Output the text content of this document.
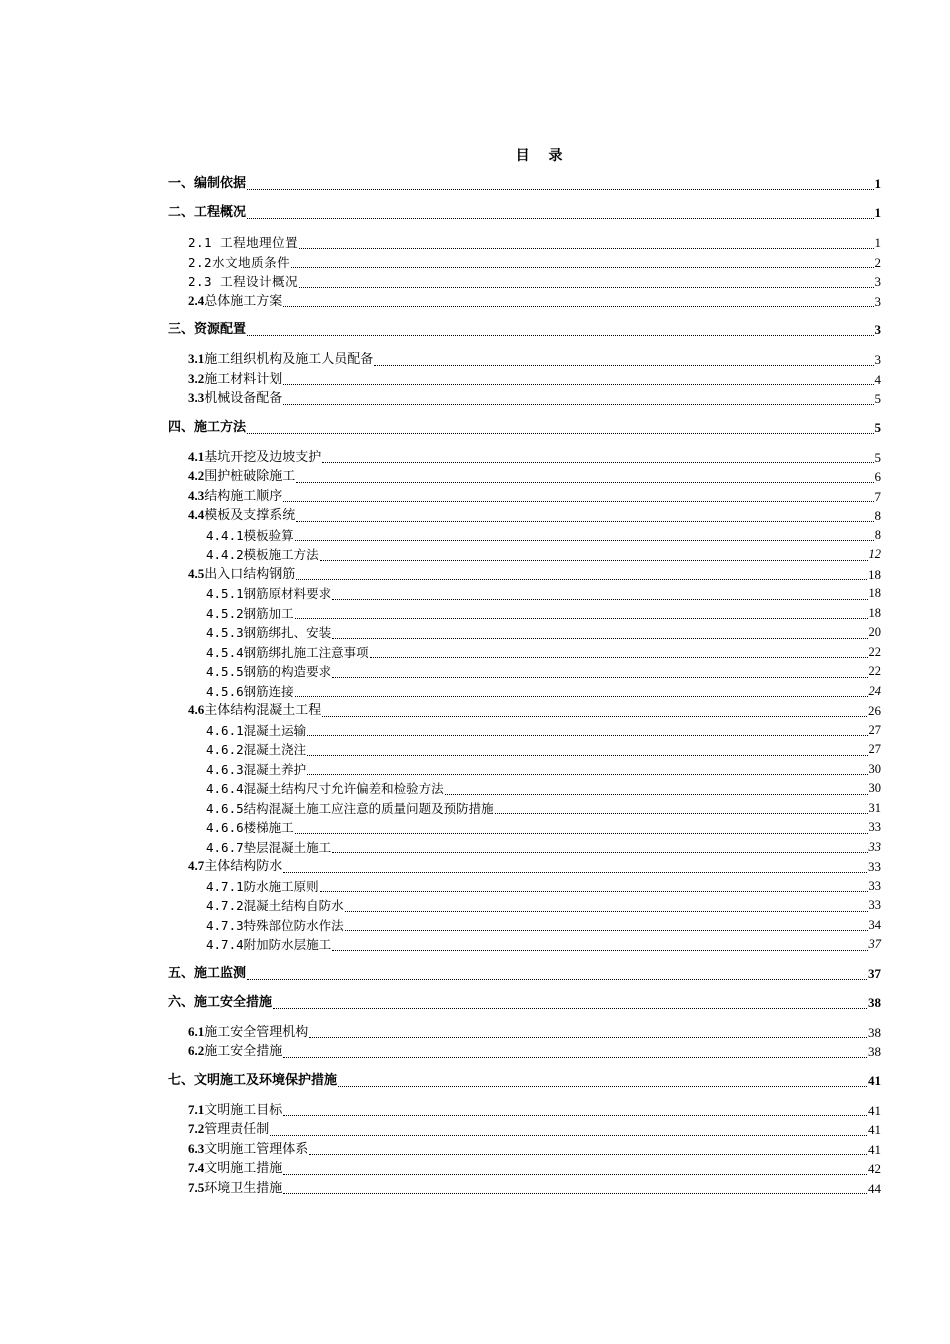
目 录
一、编制依据	1
二、工程概况	1
2.1 工程地理位置	1
2.2水文地质条件	2
2.3 工程设计概况	3
2.4总体施工方案	3
三、资源配置	3
3.1施工组织机构及施工人员配备	3
3.2施工材料计划	4
3.3机械设备配备	5
四、施工方法	5
4.1基坑开挖及边坡支护	5
4.2围护桩破除施工	6
4.3结构施工顺序	7
4.4模板及支撑系统	8
4.4.1模板验算	8
4.4.2模板施工方法	12
4.5出入口结构钢筋	18
4.5.1钢筋原材料要求	18
4.5.2钢筋加工	18
4.5.3钢筋绑扎、安装	20
4.5.4钢筋绑扎施工注意事项	22
4.5.5钢筋的构造要求	22
4.5.6钢筋连接	24
4.6主体结构混凝土工程	26
4.6.1混凝土运输	27
4.6.2混凝土浇注	27
4.6.3混凝土养护	30
4.6.4混凝土结构尺寸允许偏差和检验方法	30
4.6.5结构混凝土施工应注意的质量问题及预防措施	31
4.6.6楼梯施工	33
4.6.7垫层混凝土施工	33
4.7主体结构防水	33
4.7.1防水施工原则	33
4.7.2混凝土结构自防水	33
4.7.3特殊部位防水作法	34
4.7.4附加防水层施工	37
五、施工监测	37
六、施工安全措施	38
6.1施工安全管理机构	38
6.2施工安全措施	38
七、文明施工及环境保护措施	41
7.1文明施工目标	41
7.2管理责任制	41
6.3文明施工管理体系	41
7.4文明施工措施	42
7.5环境卫生措施	44
